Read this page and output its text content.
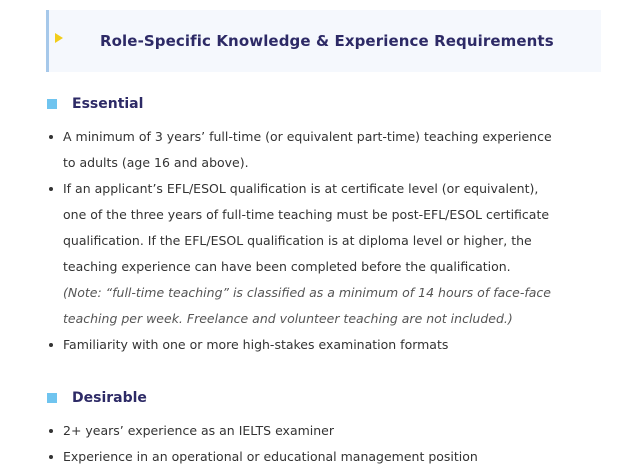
Role-Specific Knowledge & Experience Requirements
Essential
A minimum of 3 years’ full-time (or equivalent part-time) teaching experience
to adults (age 16 and above).
If an applicant’s EFL/ESOL qualification is at certificate level (or equivalent),
one of the three years of full-time teaching must be post-EFL/ESOL certificate
qualification. If the EFL/ESOL qualification is at diploma level or higher, the
teaching experience can have been completed before the qualification.
(Note: “full-time teaching” is classified as a minimum of 14 hours of face-face
teaching per week. Freelance and volunteer teaching are not included.)
Familiarity with one or more high-stakes examination formats
Desirable
2+ years’ experience as an IELTS examiner
Experience in an operational or educational management position
